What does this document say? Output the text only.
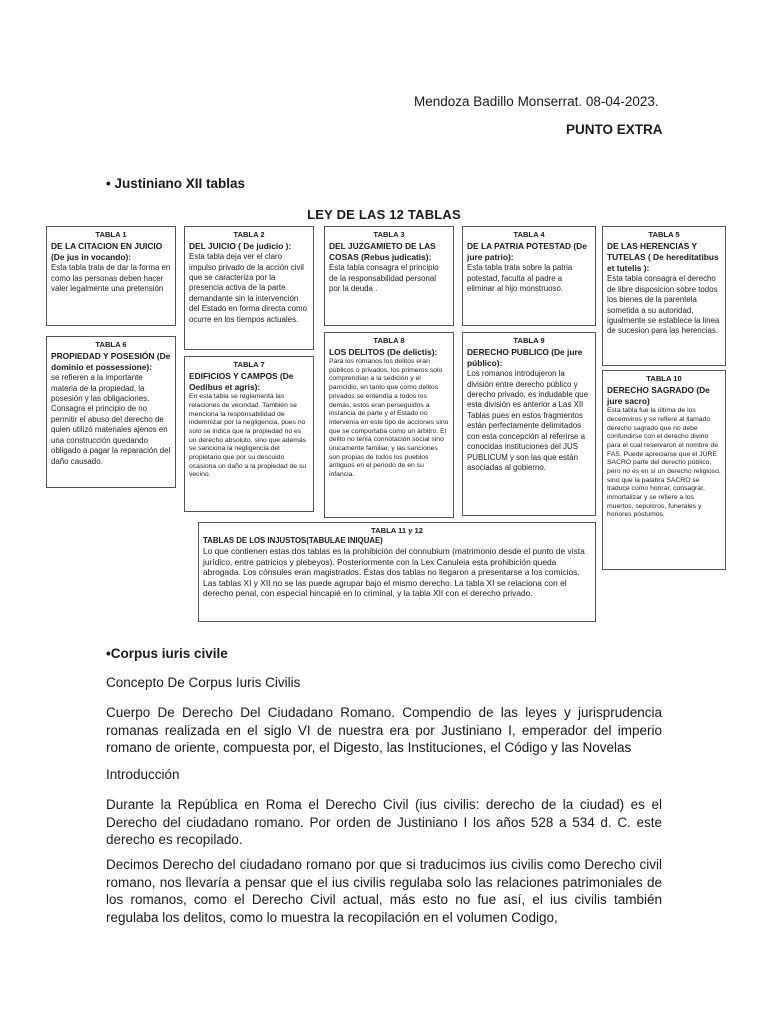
Mendoza Badillo Monserrat. 08-04-2023.
PUNTO EXTRA
• Justiniano XII tablas
LEY DE LAS 12 TABLAS
TABLA 1
DE LA CITACION EN JUICIO (De jus in vocando):
Esta tabla trata de dar la forma en como las personas deben hacer valer legalmente una pretensión
TABLA 2
DEL JUICIO ( De judicio ):
Esta tabla deja ver el claro impulso privado de la acción civil que se caracteriza por la presencia activa de la parte demandante sin la intervención del Estado en forma directa como ocurre en los tiempos actuales.
TABLA 3
DEL JUZGAMIETO DE LAS COSAS (Rebus judicatis):
Esta tabla consagra el principio de la responsabilidad personal por la deuda .
TABLA 4
DE LA PATRIA POTESTAD (De jure patrio):
Esta tabla trata sobre la patria potestad, faculta al padre a eliminar al hijo monstruoso.
TABLA 5
DE LAS HERENCIAS Y TUTELAS ( De hereditatibus et tutelis ):
Esta tabla consagra el derecho de libre disposicion sobre todos los bienes de la parentela sometida a su autoridad, igualmente se establece la linea de sucesion para las herencias.
TABLA 6
PROPIEDAD Y POSESIÓN (De dominio et possessione):
se refieren a la importante materia de la propiedad, la posesión y las obligaciones. Consagra el principio de no permitir el abuso del derecho de quien utilizó materiales ajenos en una construcción quedando obligado a pagar la reparación del daño causado.
TABLA 7
EDIFICIOS Y CAMPOS (De Oedibus et agris):
En esta tabla se reglamenta las relaciones de vecindad. También se menciona la responsabilidad de indemnizar por la negligencia, pues no solo se indica que la propiedad no es un derecho absoluto, sino que además se sanciona la negligencia del propietario que por su descuido ocasiona un daño a la propiedad de su vecino.
TABLA 8
LOS DELITOS (De delictis):
Para los romanos los delitos eran públicos o privados, los primeros solo comprendían a la sedición y el parricidio, en tanto que como delitos privados se entendía a todos los demás; estos eran perseguidos a instancia de parte y el Estado no intervenía en este tipo de acciones sino que se comportaba como un árbitro. El delito no tenía connotación social sino únicamente familiar, y las sanciones son propias de todos los pueblos antiguos en el periodo de en su infancia.
TABLA 9
DERECHO PUBLICO (De jure público):
Los romanos introdujeron la división entre derecho público y derecho privado, es indudable que esta división es anterior a Las XII Tablas pues en estos fragmentos están perfectamente delimitados con esta concepción al referirse a conocidas instituciones del JUS PUBLICUM y son las que están asociadas al gobierno.
TABLA 10
DERECHO SAGRADO (De jure sacro)
Esta tabla fue la última de los decemviros y se refiere al llamado derecho sagrado que no debe confundirse con el derecho divino para el cual reservaron el nombre de FAS, Puede apreciarse que el JURE SACRO parte del derecho público, pero no es en sí un derecho religioso, sino que la palabra SACRO se traduce como honrar, consagrar, inmortalizar y se refiere a los muertos, sepulcros, funerales y honores póstumos.
TABLA 11 y 12
TABLAS DE LOS INJUSTOS(TABULAE INIQUAE)
Lo que contienen estas dos tablas es la prohibición del connubium (matrimonio desde el punto de vista jurídico, entre patricios y plebeyos). Posteriormente con la Lex Canuleia esta prohibición queda abrogada. Los cónsules eran magistrados. Éstas dos tablas no llegaron a presentarse a los comicios. Las tablas XI y XII no se las puede agrupar bajo el mismo derecho. La tabla XI se relaciona con el derecho penal, con especial hincapié en lo criminal, y la tabla XII con el derecho privado.
•Corpus iuris civile
Concepto De Corpus Iuris Civilis
Cuerpo De Derecho Del Ciudadano Romano. Compendio de las leyes y jurisprudencia romanas realizada en el siglo VI de nuestra era por Justiniano I, emperador del imperio romano de oriente, compuesta por, el Digesto, las Instituciones, el Código y las Novelas
Introducción
Durante la República en Roma el Derecho Civil (ius civilis: derecho de la ciudad) es el Derecho del ciudadano romano. Por orden de Justiniano I los años 528 a 534 d. C. este derecho es recopilado.
Decimos Derecho del ciudadano romano por que si traducimos ius civilis como Derecho civil romano, nos llevaría a pensar que el ius civilis regulaba solo las relaciones patrimoniales de los romanos, como el Derecho Civil actual, más esto no fue así, el ius civilis también regulaba los delitos, como lo muestra la recopilación en el volumen Codigo,
